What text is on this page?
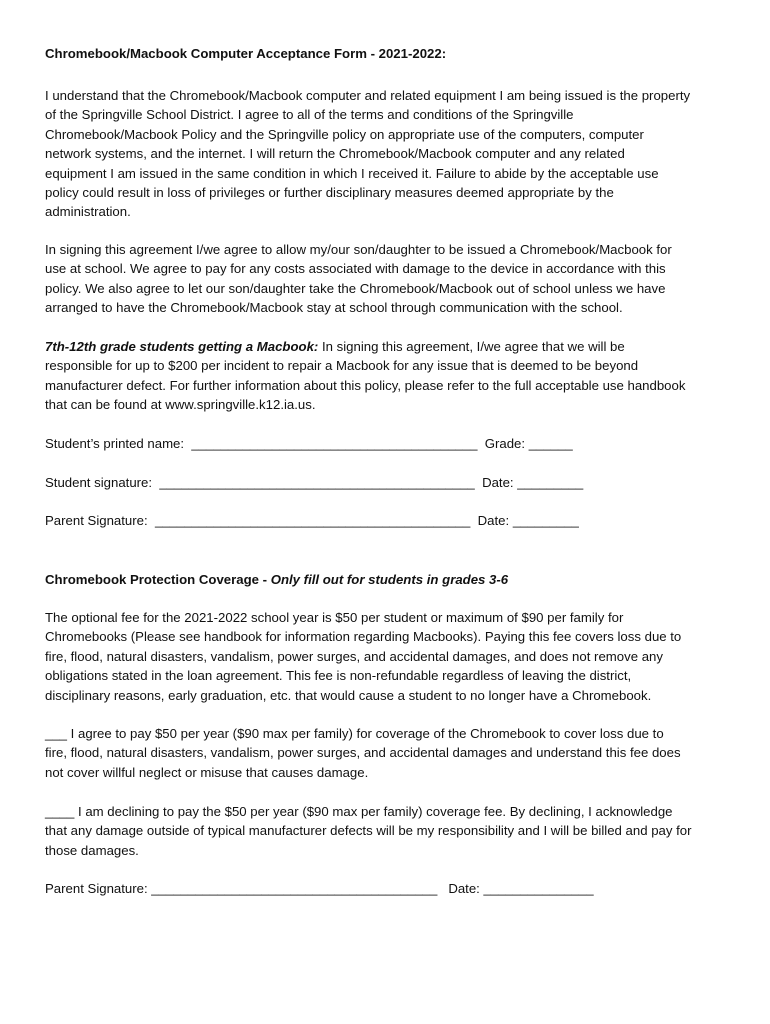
Chromebook/Macbook Computer Acceptance Form - 2021-2022:

I understand that the Chromebook/Macbook computer and related equipment I am being issued is the property
of the Springville School District. I agree to all of the terms and conditions of the Springville
Chromebook/Macbook Policy and the Springville policy on appropriate use of the computers, computer
network systems, and the internet. I will return the Chromebook/Macbook computer and any related
equipment I am issued in the same condition in which I received it. Failure to abide by the acceptable use
policy could result in loss of privileges or further disciplinary measures deemed appropriate by the
administration.

In signing this agreement I/we agree to allow my/our son/daughter to be issued a Chromebook/Macbook for
use at school. We agree to pay for any costs associated with damage to the device in accordance with this
policy. We also agree to let our son/daughter take the Chromebook/Macbook out of school unless we have
arranged to have the Chromebook/Macbook stay at school through communication with the school.

7th-12th grade students getting a Macbook: In signing this agreement, I/we agree that we will be
responsible for up to $200 per incident to repair a Macbook for any issue that is deemed to be beyond
manufacturer defect. For further information about this policy, please refer to the full acceptable use handbook
that can be found at www.springville.k12.ia.us.

Student’s printed name:  _______________________________________  Grade: ______
Student signature:  ___________________________________________  Date: _________
Parent Signature:  ___________________________________________  Date: _________
Chromebook Protection Coverage - Only fill out for students in grades 3-6

The optional fee for the 2021-2022 school year is $50 per student or maximum of $90 per family for
Chromebooks (Please see handbook for information regarding Macbooks). Paying this fee covers loss due to
fire, flood, natural disasters, vandalism, power surges, and accidental damages, and does not remove any
obligations stated in the loan agreement. This fee is non-refundable regardless of leaving the district,
disciplinary reasons, early graduation, etc. that would cause a student to no longer have a Chromebook.

___ I agree to pay $50 per year ($90 max per family) for coverage of the Chromebook to cover loss due to
fire, flood, natural disasters, vandalism, power surges, and accidental damages and understand this fee does
not cover willful neglect or misuse that causes damage.

____ I am declining to pay the $50 per year ($90 max per family) coverage fee. By declining, I acknowledge
that any damage outside of typical manufacturer defects will be my responsibility and I will be billed and pay for
those damages.

Parent Signature: _______________________________________   Date: _______________
